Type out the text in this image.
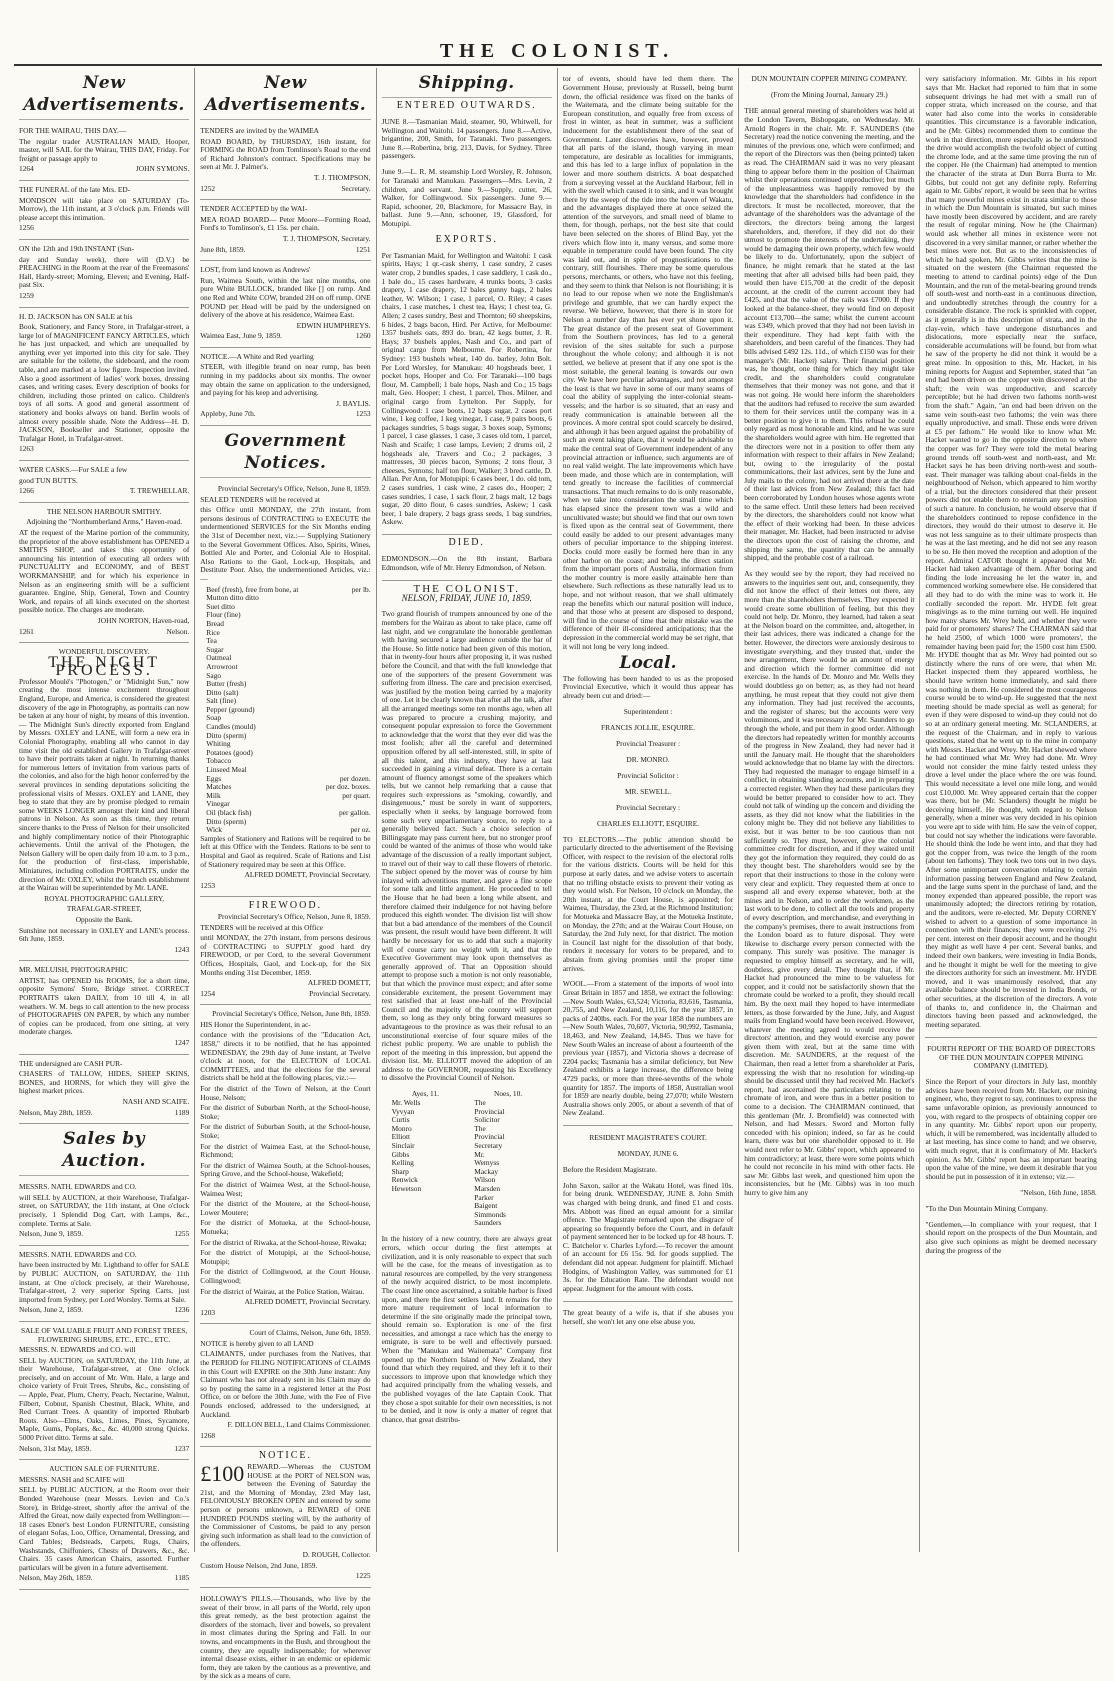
THE COLONIST.
New Advertisements.

FOR THE WAIRAU, THIS DAY.—

The regular trader AUSTRALIAN MAID, Hooper, master, will SAIL for the Wairau, THIS DAY, Friday. For freight or passage apply to

1264	JOHN SYMONS.

THE FUNERAL of the late Mrs. ED-

MONDSON will take place on SATURDAY (To-Morrow), the 11th instant, at 3 o'clock p.m. Friends will please accept this intimation.

1256

ON the 12th and 19th INSTANT (Sun-

day and Sunday week), there will (D.V.) be PREACHING in the Room at the rear of the Freemasons' Hall, Hardy-street; Morning, Eleven; and Evening, Half-past Six.

1259

H. D. JACKSON has ON SALE at his

Book, Stationery, and Fancy Store, in Trafalgar-street, a large lot of MAGNIFICENT FANCY ARTICLES, which he has just unpacked, and which are unequalled by anything ever yet imported into this city for sale. They are suitable for the toilette, the sideboard, and the room table, and are marked at a low figure. Inspection invited. Also a good assortment of ladies' work boxes, dressing cases, and writing cases. Every description of books for children, including those printed on calico. Children's toys of all sorts. A good and general assortment of stationery and books always on hand. Berlin wools of almost every possible shade. Note the Address—H. D. JACKSON, Bookseller and Stationer, opposite the Trafalgar Hotel, in Trafalgar-street.

1263

WATER CASKS.—For SALE a few

good TUN BUTTS.

1266	T. TREWHELLAR.

THE NELSON HARBOUR SMITHY.

Adjoining the "Northumberland Arms," Haven-road.

AT the request of the Marine portion of the community, the proprietor of the above establishment has OPENED a SMITH'S SHOP, and takes this opportunity of announcing his intention of executing all orders with PUNCTUALITY and ECONOMY, and of BEST WORKMANSHIP, and for which his experience in Nelson as an engineering smith will be a sufficient guarantee. Engine, Ship, General, Town and Country Work, and repairs of all kinds executed on the shortest possible notice. The charges are moderate.

JOHN NORTON, Haven-road,

1261	Nelson.

WONDERFUL DISCOVERY.

THE NIGHT PROCESS.

Professor Moulé's "Photogen," or "Midnight Sun," now creating the most intense excitement throughout England, Europe, and America, is considered the greatest discovery of the age in Photography, as portraits can now be taken at any hour of night, by means of this invention. — The Midnight Sun's directly exported from England by Messrs. OXLEY and LANE, will form a new era in Colonial Photography, enabling all who cannot in day time visit the old established Gallery in Trafalgar-street to have their portraits taken at night. In returning thanks for numerous letters of invitation from various parts of the colonies, and also for the high honor conferred by the several provinces in sending deputations soliciting the professional visits of Messrs. OXLEY and LANE, they beg to state that they are by promise pledged to remain some WEEKS LONGER amongst their kind and liberal patrons in Nelson. As soon as this time, they return sincere thanks to the Press of Nelson for their unsolicited and highly complimentary notice of their Photographic achievements. Until the arrival of the Photogen, the Nelson Gallery will be open daily from 10 a.m. to 3 p.m., for the production of first-class, imperishable, Miniatures, including collodion PORTRAITS, under the direction of Mr. OXLEY, whilst the branch establishment at the Wairau will be superintended by Mr. LANE.

ROYAL PHOTOGRAPHIC GALLERY,

TRAFALGAR-STREET,

Opposite the Bank.

Sunshine not necessary in OXLEY and LANE's process. 6th June, 1859.

1243

MR. MELUISH, PHOTOGRAPHIC

ARTIST, has OPENED his ROOMS, for a short time, opposite Symons' Store, Bridge street. CORRECT PORTRAITS taken DAILY, from 10 till 4, in all weathers. W. M. begs to call attention to the new process of PHOTOGRAPHS ON PAPER, by which any number of copies can be produced, from one sitting, at very moderate charges.

1247

THE undersigned are CASH PUR-

CHASERS of TALLOW, HIDES, SHEEP SKINS, BONES, and HORNS, for which they will give the highest market prices.

NASH AND SCAIFE.

Nelson, May 28th, 1859.	1189

Sales by Auction.

MESSRS. NATH. EDWARDS and CO.

will SELL by AUCTION, at their Warehouse, Trafalgar-street, on SATURDAY, the 11th instant, at One o'clock precisely, 1 Splendid Dog Cart, with Lamps, &c., complete. Terms at Sale.

Nelson, June 9, 1859.	1255

MESSRS. NATH. EDWARDS and CO.

have been instructed by Mr. Lightband to offer for SALE by PUBLIC AUCTION, on SATURDAY, the 11th instant, at One o'clock precisely, at their Warehouse, Trafalgar-street, 2 very superior Spring Carts, just imported from Sydney, per Lord Worsley. Terms at Sale.

Nelson, June 2, 1859.	1236

SALE OF VALUABLE FRUIT AND FOREST TREES, FLOWERING SHRUBS, ETC., ETC., ETC.

MESSRS. N. EDWARDS and CO. will

SELL by AUCTION, on SATURDAY, the 11th June, at their Warehouse, Trafalgar-street, at One o'clock precisely, and on account of Mr. Wm. Hale, a large and choice variety of Fruit Trees, Shrubs, &c., consisting of— Apple, Pear, Plum, Cherry, Peach, Nectarine, Walnut, Filbert, Cobnut, Spanish Chestnut, Black, White, and Red Currant Trees. A quantity of imported Rhubarb Roots. Also—Elms, Oaks, Limes, Pines, Sycamore, Maple, Gums, Poplars, &c., &c. 40,000 strong Quicks. 5000 Privet ditto. Terms at sale.

Nelson, 31st May, 1859.	1237

AUCTION SALE OF FURNITURE.

MESSRS. NASH and SCAIFE will

SELL by PUBLIC AUCTION, at the Room over their Bonded Warehouse (near Messrs. Levien and Co.'s Store), in Bridge-street, shortly after the arrival of the Alfred the Great, now daily expected from Wellington:— 18 cases Ebner's best London FURNITURE, consisting of elegant Sofas, Loo, Office, Ornamental, Dressing, and Card Tables; Bedsteads, Carpets, Rugs, Chairs, Washstands, Chiffoniers, Chests of Drawers, &c., &c. Chairs. 35 cases American Chairs, assorted. Further particulars will be given in a future advertisement.

Nelson, May 26th, 1859.	1185

New Advertisements.

TENDERS are invited by the WAIMEA

ROAD BOARD, by THURSDAY, 16th instant, for FORMING the ROAD from Tomlinson's Road to the end of Richard Johnston's contract. Specifications may be seen at Mr. J. Palmer's.

T. J. THOMPSON,

1252	Secretary.

TENDER ACCEPTED by the WAI-

MEA ROAD BOARD— Peter Moore—Forming Road, Ford's to Tomlinson's, £1 15s. per chain.

T. J. THOMPSON, Secretary.

June 8th, 1859.	1251

LOST, from land known as Andrews'

Run, Waimea South, within the last nine months, one pure White BULLOCK, branded like [] on rump. And one Red and White COW, branded 2H on off rump. ONE POUND per Head will be paid by the undersigned on delivery of the above at his residence, Waimea East.

EDWIN HUMPHREYS.

Waimea East, June 9, 1859.	1260

NOTICE.—A White and Red yearling

STEER, with illegible brand on near rump, has been running in my paddocks about six months. The owner may obtain the same on application to the undersigned, and paying for his keep and advertising.

J. BAYLIS.

Appleby, June 7th.	1253

Government Notices.

Provincial Secretary's Office, Nelson, June 8, 1859.

SEALED TENDERS will be received at

this Office until MONDAY, the 27th instant, from persons desirous of CONTRACTING to EXECUTE the undermentioned SERVICES for the Six Months ending the 31st of December next, viz.:— Supplying Stationery to the Several Government Offices. Also, Spirits, Wines, Bottled Ale and Porter, and Colonial Ale to Hospital. Also Rations to the Gaol, Lock-up, Hospitals, and Destitute Poor. Also, the undermentioned Articles, viz.:—

Beef (fresh), free from bone, at	per lb.
Mutton ditto ditto
Suet ditto
Flour (fine)
Bread
Rice
Tea
Sugar
Oatmeal
Arrowroot
Sago
Butter (fresh)
Ditto (salt)
Salt (fine)
Pepper (ground)
Soap
Candles (mould)
Ditto (sperm)
Whiting
Potatoes (good)
Tobacco
Linseed Meal
Eggs	per dozen.
Matches	per doz. boxes.
Milk	per quart.
Vinegar
Oil (black fish)	per gallon.
Ditto (sperm)
Wick	per oz.

Samples of Stationery and Rations will be required to be left at this Office with the Tenders. Rations to be sent to Hospital and Gaol as required. Scale of Rations and List of Stationery required may be seen at this Office.

ALFRED DOMETT, Provincial Secretary.

1253

FIREWOOD.

Provincial Secretary's Office, Nelson, June 8, 1859.

TENDERS will be received at this Office

until MONDAY, the 27th instant, from persons desirous of CONTRACTING to SUPPLY good hard dry FIREWOOD, or per Cord, to the several Government Offices, Hospitals, Gaol, and Lock-up, for the Six Months ending 31st December, 1859.

ALFRED DOMETT,

1254	Provincial Secretary.

Provincial Secretary's Office, Nelson, June 8th, 1859.

HIS Honor the Superintendent, in ac-

cordance with the provisions of the "Education Act, 1858," directs it to be notified, that he has appointed WEDNESDAY, the 29th day of June instant, at Twelve o'clock at noon, for the ELECTION of LOCAL COMMITTEES, and that the elections for the several districts shall be held at the following places, viz.:—

For the district of the Town of Nelson, at the Court House, Nelson;

For the district of Suburban North, at the School-house, Stoke;

For the district of Suburban South, at the School-house, Stoke;

For the district of Waimea East, at the School-house, Richmond;

For the district of Waimea South, at the School-houses, Spring Grove, and the School-house, Wakefield;

For the district of Waimea West, at the School-house, Waimea West;

For the district of the Moutere, at the School-house, Lower Moutere;

For the district of Motueka, at the School-house, Motueka;

For the district of Riwaka, at the School-house, Riwaka;

For the district of Motupipi, at the School-house, Motupipi;

For the district of Collingwood, at the Court House, Collingwood;

For the district of Wairau, at the Police Station, Wairau.

ALFRED DOMETT, Provincial Secretary.

1203

Court of Claims, Nelson, June 6th, 1859.

NOTICE is hereby given to all LAND

CLAIMANTS, under purchases from the Natives, that the PERIOD for FILING NOTIFICATIONS of CLAIMS in this Court will EXPIRE on the 30th June instant: Any Claimant who has not already sent in his Claim may do so by posting the same in a registered letter at the Post Office, on or before the 30th June, with the Fee of Five Pounds enclosed, addressed to the undersigned, at Auckland.

F. DILLON BELL, Land Claims Commissioner.

1268

NOTICE.

£100 REWARD.—Whereas the CUSTOM HOUSE at the PORT of NELSON was, between the Evening of Saturday the 21st, and the Morning of Monday, 23rd May last, FELONIOUSLY BROKEN OPEN and entered by some person or persons unknown, a REWARD of ONE HUNDRED POUNDS sterling will, by the authority of the Commissioner of Customs, be paid to any person giving such information as shall lead to the conviction of the offenders.

D. ROUGH, Collector.

Custom House Nelson, 2nd June, 1859.

1225

HOLLOWAY'S PILLS.—Thousands, who live by the sweat of their brow, in all parts of the World, rely upon this great remedy, as the best protection against the disorders of the stomach, liver and bowels, so prevalent in most climates during the Spring and Fall. In our towns, and encampments in the Bush, and throughout the country, they are equally indispensable; for wherever internal disease exists, either in an endemic or epidemic form, they are taken by the cautious as a preventive, and by the sick as a means of cure.

Shipping.

ENTERED OUTWARDS.

JUNE 8.—Tasmanian Maid, steamer, 90, Whitwell, for Wellington and Waitohi. 14 passengers. June 8.—Active, brigantine, 200, Smith, for Taranaki. Two passengers. June 8.—Robertina, brig, 213, Davis, for Sydney. Three passengers.

June 9.—L. R. M. steamship Lord Worsley, R. Johnson, for Taranaki and Manukau. Passengers—Mrs. Levin, 2 children, and servant. June 9.—Supply, cutter, 26, Walker, for Collingwood. Six passengers. June 9.—Rapid, schooner, 20, Blackmore, for Massacre Bay, in ballast. June 9.—Ann, schooner, 19, Glassford, for Motupipi.

EXPORTS.

Per Tasmanian Maid, for Wellington and Waitohi: 1 cask spirits, Hays; 1 qr.-cask sherry, 1 case sundry, 2 cases water crop, 2 bundles spades, 1 case saddlery, 1 cask do., 1 bale do., 15 cases hardware, 4 trunks boots, 3 casks drapery, 1 case drapery, 12 bales gunny bags, 2 bales leather, W. Wilson; 1 case, 1 parcel, O. Riley; 4 cases chairs, 1 case matches, 1 chest tea, Hays; 1 chest tea, G. Allen; 2 cases sundry, Best and Thornton; 60 sheepskins, 6 hides, 2 bags bacon, Hird. Per Active, for Melbourne: 1357 bushels oats, 893 do. bran, 42 kegs butter, J. R. Hays; 37 bushels apples, Nash and Co., and part of original cargo from Melbourne. For Robertina, for Sydney: 193 bushels wheat, 140 do. barley, John Bolt. Per Lord Worsley, for Manukau: 40 hogsheads beer, 1 pocket hops, Hooper and Co. For Taranaki—100 bags flour, M. Campbell; 1 bale hops, Nash and Co.; 15 bags malt, Geo. Hooper; 1 chest, 1 parcel, Thos. Milner, and original cargo from Lyttelton. Per Supply, for Collingwood: 1 case boots, 12 bags sugar, 2 cases port wine, 1 keg coffee, 1 keg vinegar, 1 case, 9 pairs boots, 6 packages sundries, 5 bags sugar, 3 boxes soap, Symons; 1 parcel, 1 case glasses, 1 case, 3 cases old tom, 1 parcel, Nash and Scaife; 1 case lamps, Levien; 2 drums oil, 2 hogsheads ale, Travers and Co.; 2 packages, 3 mattresses, 30 pieces bacon, Symons; 2 tons flour, 3 cheeses, Symons; half ton flour, Walker; 3 bred cattle, D. Allan. Per Ann, for Motupipi: 6 cases beer, 1 do. old tom, 2 cases sundries, 1 cask wine, 2 cases do., Hooper; 2 cases sundries, 1 case, 1 sack flour, 2 bags malt, 12 bags sugar, 20 ditto flour, 6 cases sundries, Askew; 1 cask beer, 1 bale drapery, 2 bags grass seeds, 1 bag sundries, Askew.

DIED.

EDMONDSON.—On the 8th instant, Barbara Edmondson, wife of Mr. Henry Edmondson, of Nelson.

THE COLONIST.
NELSON, FRIDAY, JUNE 10, 1859.

Two grand flourish of trumpets announced by one of the members for the Wairau as about to take place, came off last night, and we congratulate the honorable gentleman with having secured a large audience outside the bar of the House. So little notice had been given of this motion, that in twenty-four hours after proposing it, it was rushed before the Council, and that with the full knowledge that one of the supporters of the present Government was suffering from illness. The care and precision exercised, was justified by the motion being carried by a majority of one. Let it be clearly known that after all the talk, after all the arranged meetings some ten months ago, when all was prepared to procure a crushing majority, and consequent popular expression to force the Government to acknowledge that the worst that they ever did was the most foolish; after all the careful and determined opposition offered by all self-interested, still, in spite of all this talent, and this industry, they have at last succeeded in gaining a virtual defeat. There is a certain amount of fluency amongst some of the speakers which tells, but we cannot help remarking that a cause that requires such expressions as "smoking, cowardly, and disingenuous," must be sorely in want of supporters, especially when it seeks, by language borrowed from some such very unparliamentary source, to reply to a generally believed fact. Such a choice selection of Billingsgate may pass current here, but no stronger proof could be wanted of the animus of those who would take advantage of the discussion of a really important subject, to travel out of their way to call these flowers of rhetoric. The subject opened by the mover was of course by him inlayed with adventitious matter, and gave a fine scope for some talk and little argument. He proceeded to tell the House that he had been a long while absent, and therefore claimed their indulgence for not having before produced this eighth wonder. The division list will show that but a bad attendance of the members of the Council was present, the result would have been different. It will hardly be necessary for us to add that such a majority will of course carry no weight with it, and that the Executive Government may look upon themselves as generally approved of. That an Opposition should attempt to propose such a motion is not only reasonable, but that which the province must expect; and after some considerable excitement, the present Government may rest satisfied that at least one-half of the Provincial Council and the majority of the country will support them, so long as they only bring forward measures so advantageous to the province as was their refusal to an unconstitutional exercise of four square miles of the richest public property. We are unable to publish the report of the meeting in this impression, but append the division list. Mr. ELLIOTT moved the adoption of an address to the GOVERNOR, requesting his Excellency to dissolve the Provincial Council of Nelson.

Ayes, 11.
Mr. Wells
Vyvyan
Curtis
Monro
Elliott
Sinclair
Gibbs
Kelling
Sharp
Renwick
Hewetson
Noes, 10.
The Provincial Solicitor
The Provincial Secretary
Mr. Wemyss
Mackay
Wilson
Marsden
Parker
Baigent
Simmonds
Saunders

In the history of a new country, there are always great errors, which occur during the first attempts at civilization, and it is only reasonable to expect that such will be the case, for the means of investigation as to natural resources are compelled, by the very strangeness of the newly acquired district, to be most incomplete. The coast line once ascertained, a suitable harbor is fixed upon, and there the first settlers land. It remains for the more mature requirement of local information to determine if the site originally made the principal town, should remain so. Exploration is one of the first necessities, and amongst a race which has the energy to emigrate, is sure to be well and effectively pursued. When the "Manukau and Waitemata" Company first opened up the Northern Island of New Zealand, they found that which they required, and they left it to their successors to improve upon that knowledge which they had acquired principally from the whaling vessels, and the published voyages of the late Captain Cook. That they chose a spot suitable for their own necessities, is not to be denied, and it now is only a matter of regret that chance, that great distribu-

tor of events, should have led them there. The Government House, previously at Russell, being burnt down, the official residence was fixed on the banks of the Waitemata, and the climate being suitable for the European constitution, and equally free from excess of frost in winter, as heat in summer, was a sufficient inducement for the establishment there of the seat of Government. Later discoveries have, however, proved that all parts of the island, though varying in mean temperature, are desirable as localities for immigrants, and this has led to a large influx of population in the lower and more southern districts. A boat despatched from a surveying vessel at the Auckland Harbour, fell in with the swell which caused it to sink, and it was brought there by the sweep of the tide into the haven of Wakatu, and the advantages displayed there at once seized the attention of the surveyors, and small need of blame to them, for though, perhaps, not the best site that could have been selected on the shores of Blind Bay, yet the rivers which flow into it, many versus, and some more equable in temperature could have been found. The city was laid out, and in spite of prognostications to the contrary, still flourishes. There may be some querulous persons, merchants, or others, who have not this feeling, and they seem to think that Nelson is not flourishing; it is no lead to our repose when we note the Englishman's privilege and grumble, that we can hardly expect the reverse. We believe, however, that there is in store for Nelson a number day than has ever yet shone upon it. The great distance of the present seat of Government from the Southern provinces, has led to a general revision of the sites suitable for such a purpose throughout the whole colony; and although it is not settled, we believe at present that if any one spot is the most suitable, the general leaning is towards our own city. We have here peculiar advantages, and not amongst the least is that we have in some of our many seams of coal the ability of supplying the inter-colonial steam-vessels; and the harbor is so situated, that an easy and ready communication is attainable between all the provinces. A more central spot could scarcely be desired, and although it has been argued against the probability of such an event taking place, that it would be advisable to make the central seat of Government independent of any provincial attraction or influence, such arguments are of no real valid weight. The late improvements which have been made, and those which are in contemplation, will tend greatly to increase the facilities of commercial transactions. That much remains to do is only reasonable, when we take into consideration the small time which has elapsed since the present town was a wild and uncultivated waste; but should we find that our own town is fixed upon as the central seat of Government, there could easily be added to our present advantages many others of peculiar importance to the shipping interest. Docks could more easily be formed here than in any other harbor on the coast; and being the direct station from the important ports of Australia, information from the mother country is more easily attainable here than elsewhere. Such reflections as these naturally lead us to hope, and not without reason, that we shall ultimately reap the benefits which our natural position will induce, and that those who at present are disposed to despond, will find in the course of time that their mistake was the difference of their ill-considered anticipations; that the depression in the commercial world may be set right, that it will not long be very long indeed.

Local.

The following has been handed to us as the proposed Provincial Executive, which it would thus appear has already been cut and dried:—

Superintendent :

FRANCIS JOLLIE, ESQUIRE.

Provincial Treasurer :

DR. MONRO.

Provincial Solicitor :

MR. SEWELL.

Provincial Secretary :

CHARLES ELLIOTT, ESQUIRE.

TO ELECTORS.—The public attention should be particularly directed to the advertisement of the Revising Officer, with respect to the revision of the electoral rolls for the various districts. Courts will be held for this purpose at early dates, and we advise voters to ascertain that no trifling obstacle exists to prevent their voting as they would wish. For Nelson, 10 o'clock on Monday, the 20th instant, at the Court House, is appointed; for Waimea, Thursday, the 23rd, at the Richmond Institution; for Motueka and Massacre Bay, at the Motueka Institute, on Monday, the 27th; and at the Wairau Court House, on Saturday, the 2nd July next, for that district. The motion in Council last night for the dissolution of that body, renders it necessary for voters to be prepared, and to abstain from giving promises until the proper time arrives.

WOOL.—From a statement of the imports of wool into Great Britain in 1857 and 1858, we extract the following:—New South Wales, 63,524; Victoria, 83,616, Tasmania, 20,755, and New Zealand, 10,116, for the year 1857, in packs of 240lbs. each. For the year 1858 the numbers are—New South Wales, 70,607, Victoria, 90,992, Tasmania, 18,463, and New Zealand, 14,845. Thus we have for New South Wales an increase of about a fourteenth of the previous year (1857), and Victoria shows a decrease of 2204 packs; Tasmania has a similar deficiency, but New Zealand exhibits a large increase, the difference being 4729 packs, or more than three-sevenths of the whole quantity for 1857. The imports of 1858, Australian wool for 1859 are nearly double, being 27,070; while Western Australia shows only 2005, or about a seventh of that of New Zealand.

RESIDENT MAGISTRATE'S COURT.

MONDAY, JUNE 6.

Before the Resident Magistrate.

John Saxon, sailor at the Wakatu Hotel, was fined 10s. for being drunk. WEDNESDAY, JUNE 8. John Smith was charged with being drunk, and fined £1 and costs. Mrs. Abbott was fined an equal amount for a similar offence. The Magistrate remarked upon the disgrace of appearing so frequently before the Court, and in default of payment sentenced her to be locked up for 48 hours. T. C. Batchelor v. Charles Lyford.—To recover the amount of an account for £6 15s. 9d. for goods supplied. The defendant did not appear. Judgment for plaintiff. Michael Hodgins, of Washington Valley, was summoned for £1 3s. for the Education Rate. The defendant would not appear. Judgment for the amount with costs.

The great beauty of a wife is, that if she abuses you herself, she won't let any one else abuse you.

DUN MOUNTAIN COPPER MINING COMPANY.

(From the Mining Journal, January 29.)

THE annual general meeting of shareholders was held at the London Tavern, Bishopsgate, on Wednesday. Mr. Arnold Rogers in the chair. Mr. F. SAUNDERS (the Secretary) read the notice convening the meeting, and the minutes of the previous one, which were confirmed; and the report of the Directors was then (being printed) taken as read. The CHAIRMAN said it was no very pleasant thing to appear before them in the position of Chairman whilst their operations continued unproductive; but much of the unpleasantness was happily removed by the knowledge that the shareholders had confidence in the directors. It must be recollected, moreover, that the advantage of the shareholders was the advantage of the directors, the directors being among the largest shareholders, and, therefore, if they did not do their utmost to promote the interests of the undertaking, they would be damaging their own property, which few would be likely to do. Unfortunately, upon the subject of finance, he might remark that he stated at the last meeting that after all advised bills had been paid, they would then have £15,700 at the credit of the deposit account, at the credit of the current account they had £425, and that the value of the rails was £7000. If they looked at the balance-sheet, they would find on deposit account £13,700—the same; whilst the current account was £349, which proved that they had not been lavish in their expenditure. They had kept faith with the shareholders, and been careful of the finances. They had bills advised £492 12s. 11d., of which £150 was for their manager's (Mr. Hacket) salary. Their financial position was, he thought, one thing for which they might take credit, and the shareholders could congratulate themselves that their money was not gone, and that it was not going. He would here inform the shareholders that the auditors had refused to receive the sum awarded to them for their services until the company was in a better position to give it to them. This refusal he could only regard as most honorable and kind, and he was sure the shareholders would agree with him. He regretted that the directors were not in a position to offer them any information with respect to their affairs in New Zealand; but, owing to the irregularity of the postal communications, their last advices, sent by the June and July mails to the colony, had not arrived there at the date of their last advices from New Zealand; this fact had been corroborated by London houses whose agents wrote to the same effect. Until these letters had been received by the directors, the shareholders could not know what the effect of their working had been. In these advices their manager, Mr. Hacket, had been instructed to advise the directors upon the cost of raising the chrome, and shipping the same, the quantity that can be annually shipped, and the probable cost of a railroad.

As they would see by the report, they had received no answers to the inquiries sent out, and, consequently, they did not know the effect of their letters out there, any more than the shareholders themselves. They expected it would create some ebullition of feeling, but this they could not help. Dr. Monro, they learned, had taken a seat at the Nelson board on the committee, and, altogether, in their last advices, there was indicated a change for the better. However, the directors were anxiously desirous to investigate everything, and they trusted that, under the new arrangement, there would be an amount of energy and direction which the former committee did not exercise. In the hands of Dr. Monro and Mr. Wells they would doubtless go on better; as, as they had not heard anything, he must repeat that they could not give them any information. They had just received the accounts, and the register of shares; but the accounts were very voluminous, and it was necessary for Mr. Saunders to go through the whole, and put them in good order. Although the directors had repeatedly written for monthly accounts of the progress in New Zealand, they had never had it until the January mail. He thought that the shareholders would acknowledge that no blame lay with the directors. They had requested the manager to engage himself in a conflict, in obtaining standing accounts, and in preparing a corrected register. When they had these particulars they would be better prepared to consider how to act. They could not talk of winding up the concern and dividing the assets, as they did not know what the liabilities in the colony might be. They did not believe any liabilities to exist, but it was better to be too cautious than not sufficiently so. They must, however, give the colonial committee credit for discretion, and if they waited until they got the information they required, they could do as they thought best. The shareholders would see by the report that their instructions to those in the colony were very clear and explicit. They requested them at once to suspend all and every expense whatever, both at the mines and in Nelson, and to order the workmen, as the last work to be done, to collect all the tools and property of every description, and merchandise, and everything in the company's premises, there to await instructions from the London board as to future disposal. They were likewise to discharge every person connected with the company. This surely was positive. The manager is requested to employ himself as secretary, and he will, doubtless, give every detail. They thought that, if Mr. Hacket had pronounced the mine to be valueless for copper, and it could not be satisfactorily shown that the chromate could be worked to a profit, they should recall him. By the next mail they hoped to have intermediate letters, as those forwarded by the June, July, and August mails from England would have been received. However, whatever the meeting agreed to would receive the directors' attention, and they would exercise any power given them with zeal, but at the same time with discretion. Mr. SAUNDERS, at the request of the Chairman, then read a letter from a shareholder at Paris, expressing the wish that no resolution for winding-up should be discussed until they had received Mr. Hacket's report, had ascertained the particulars relating to the chromate of iron, and were thus in a better position to come to a decision. The CHAIRMAN continued, that this gentleman (Mr. J. Bromfield) was connected with Nelson, and had Messrs. Sword and Morton fully conceded with his opinion; indeed, so far as he could learn, there was but one shareholder opposed to it. He would next refer to Mr. Gibbs' report, which appeared to him contradictory; at least, there were some points which he could not reconcile in his mind with other facts. He saw Mr. Gibbs last week, and questioned him upon the inconsistencies, but he (Mr. Gibbs) was in too much hurry to give him any

very satisfactory information. Mr. Gibbs in his report says that Mr. Hacket had reported to him that in some subsequent drivings he had met with a small run of copper strata, which increased on the course, and that water had also come into the works in considerable quantities. This circumstance is a favorable indication, and he (Mr. Gibbs) recommended them to continue the work in that direction, more especially as he understood the drive would accomplish the twofold object of cutting the chrome lode, and at the same time proving the run of the copper. He (the Chairman) had attempted to mention the character of the strata at Dun Burra Burra to Mr. Gibbs, but could not get any definite reply. Referring again to Mr. Gibbs' report, it would be seen that he writes that many powerful mines exist in strata similar to those in which the Dun Mountain is situated, but such mines have mostly been discovered by accident, and are rarely the result of regular mining. Now he (the Chairman) would ask whether all mines in existence were not discovered in a very similar manner, or rather whether the best mines were not. But as to the inconsistencies of which he had spoken, Mr. Gibbs writes that the mine is situated on the western (the Chairman requested the meeting to attend to cardinal points) edge of the Dun Mountain, and the run of the metal-bearing ground trends off south-west and north-east in a continuous direction, and undoubtedly stretches through the country for a considerable distance. The rock is sprinkled with copper, as it generally is in this description of strata, and in the clay-vein, which have undergone disturbances and dislocations, more especially near the surface, considerable accumulations will be found, but from what he saw of the property he did not think it would be a great mine. In opposition to this, Mr. Hacket, in his mining reports for August and September, stated that "an end had been driven on the copper vein discovered at the shaft; the vein was unproductive, and scarcely perceptible; but he had driven two fathoms north-west from the shaft." Again, "an end had been driven on the same vein south-east two fathoms; the vein was there equally unproductive, and small. These ends were driven at £5 per fathom." He would like to know what Mr. Hacket wanted to go in the opposite direction to where the copper was for? They were told the metal bearing ground trends off south-west and north-east, and Mr. Hacket says he has been driving north-west and south-east. Their manager was talking about coal-fields in the neighbourhood of Nelson, which appeared to him worthy of a trial, but the directors considered that their present powers did not enable them to entertain any proposition of such a nature. In conclusion, he would observe that if the shareholders continued to repose confidence in the directors, they would do their utmost to deserve it. He was not less sanguine as to their ultimate prospects than he was at the last meeting, and he did not see any reason to be so. He then moved the reception and adoption of the report. Admiral CATOR thought it appeared that Mr. Hacket had taken advantage of them. After boring and finding the lode increasing he let the water in, and commenced working somewhere else. He considered that all they had to do with the mine was to work it. He cordially seconded the report. Mr. HYDE felt great misgivings as to the mine turning out well. He inquired how many shares Mr. Wrey held, and whether they were paid for or promoters' shares? The CHAIRMAN said that he held 2500, of which 1000 were promoters', the remainder having been paid for; the 1500 cost him £500. Mr. HYDE thought that as Mr. Wrey had pointed out so distinctly where the runs of ore were, that when Mr. Hacket inspected them they appeared worthless, he should have written home immediately, and said there was nothing in them. He considered the most courageous course would be to wind-up. He suggested that the next meeting should be made special as well as general; for even if they were disposed to wind-up they could not do so at an ordinary general meeting. Mr. SCLANDERS, at the request of the Chairman, and in reply to various questions, stated that he went up to the mine in company with Messrs. Hacket and Wrey. Mr. Hacket shewed where he had continued what Mr. Wrey had done. Mr. Wrey would not consider the mine fairly tested unless they drove a level under the place where the ore was found. This would necessitate a level one mile long, and would cost £10,000. Mr. Wrey appeared certain that the copper was there, but he (Mr. Sclanders) thought he might be deceiving himself. He thought, with regard to Nelson generally, when a miner was very decided in his opinion you were apt to side with him. He saw the vein of copper, but could not say whether the indications were favorable. He should think the lode he went into, and that they had got the copper from, was twice the length of the room (about ten fathoms). They took two tons out in two days. After some unimportant conversation relating to certain information passing between England and New Zealand, and the large sums spent in the purchase of land, and the money expended than appeared possible, the report was unanimously adopted; the directors retiring by rotation, and the auditors, were re-elected. Mr. Deputy CORNEY wished to advert to a question of some importance in connection with their finances; they were receiving 2½ per cent. interest on their deposit account, and he thought they might as well have 4 per cent. Several banks, and indeed their own bankers, were investing in India Bonds, and he thought it might be well for the meeting to give the directors authority for such an investment. Mr. HYDE moved, and it was unanimously resolved, that any available balance should be invested in India Bonds, or other securities, at the discretion of the directors. A vote of thanks to, and confidence in, the Chairman and directors having been passed and acknowledged, the meeting separated.

FOURTH REPORT OF THE BOARD OF DIRECTORS OF THE DUN MOUNTAIN COPPER MINING COMPANY (LIMITED).

Since the Report of your directors in July last, monthly advices have been received from Mr. Hacket, our mining engineer, who, they regret to say, continues to express the same unfavorable opinion, as previously announced to you, with regard to the prospects of obtaining copper ore in any quantity. Mr. Gibbs' report upon our property, which, it will be remembered, was incidentally alluded to at last meeting, has since come to hand; and we observe, with much regret, that it is confirmatory of Mr. Hacket's opinion. As Mr. Gibbs' report has an important bearing upon the value of the mine, we deem it desirable that you should be put in possession of it in extenso; viz.—

"Nelson, 16th June, 1858.

"To the Dun Mountain Mining Company.

"Gentlemen,—In compliance with your request, that I should report on the prospects of the Dun Mountain, and also give such opinions as might be deemed necessary during the progress of the
